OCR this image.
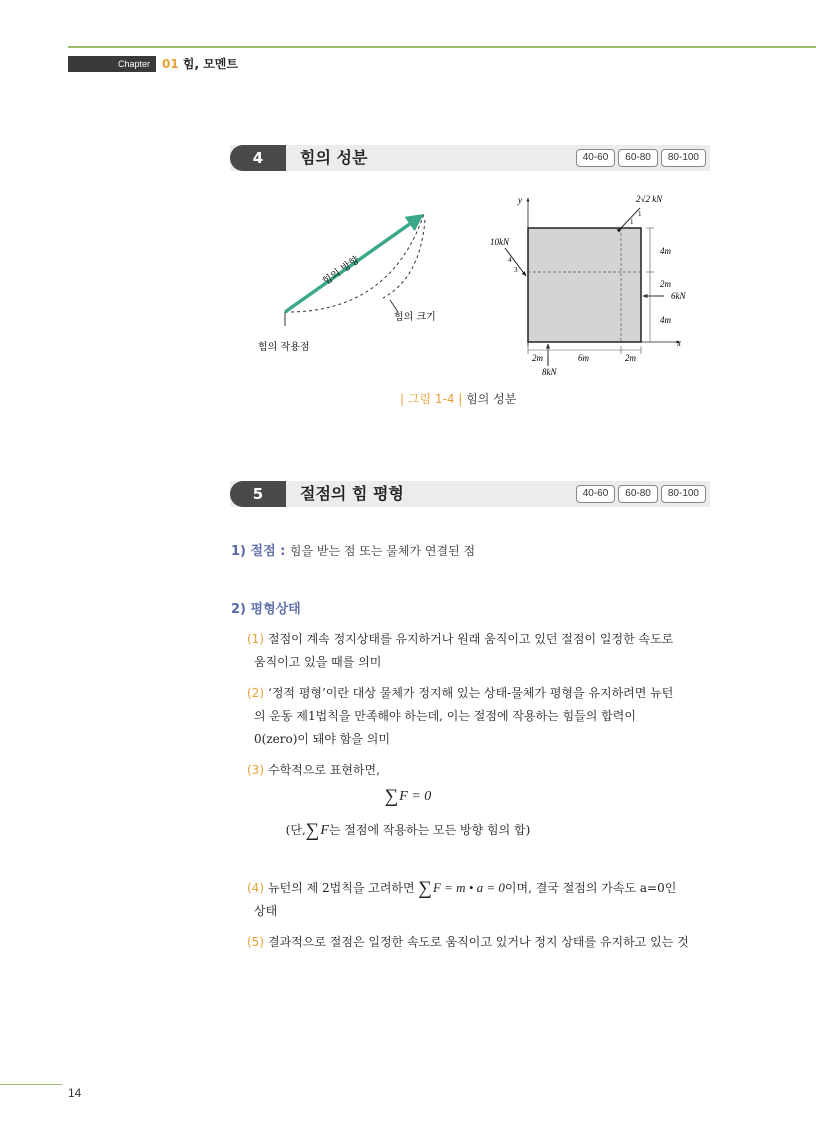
Chapter	01 힘, 모멘트
4	힘의 성분	40-60	60-80	80-100
힘의 방향
힘의 크기
힘의 작용점
y
x
2√2 kN
1
1
10kN
4
3
6kN
8kN
4m
2m
4m
2m	6m	2m
| 그림 1-4 | 힘의 성분
5	절점의 힘 평형	40-60	60-80	80-100
1) 절점 : 힘을 받는 점 또는 물체가 연결된 점
2) 평형상태
(1) 절점이 계속 정지상태를 유지하거나 원래 움직이고 있던 절점이 일정한 속도로
움직이고 있을 때를 의미
(2) ‘정적 평형’이란 대상 물체가 정지해 있는 상태-물체가 평형을 유지하려면 뉴턴
의 운동 제1법칙을 만족해야 하는데, 이는 절점에 작용하는 힘들의 합력이
0(zero)이 돼야 함을 의미
(3) 수학적으로 표현하면,
∑F = 0
(단,∑F는 절점에 작용하는 모든 방향 힘의 합)
(4) 뉴턴의 제 2법칙을 고려하면 ∑F = m • a = 0이며, 결국 절점의 가속도 a=0인
상태
(5) 결과적으로 절점은 일정한 속도로 움직이고 있거나 정지 상태를 유지하고 있는 것
14
